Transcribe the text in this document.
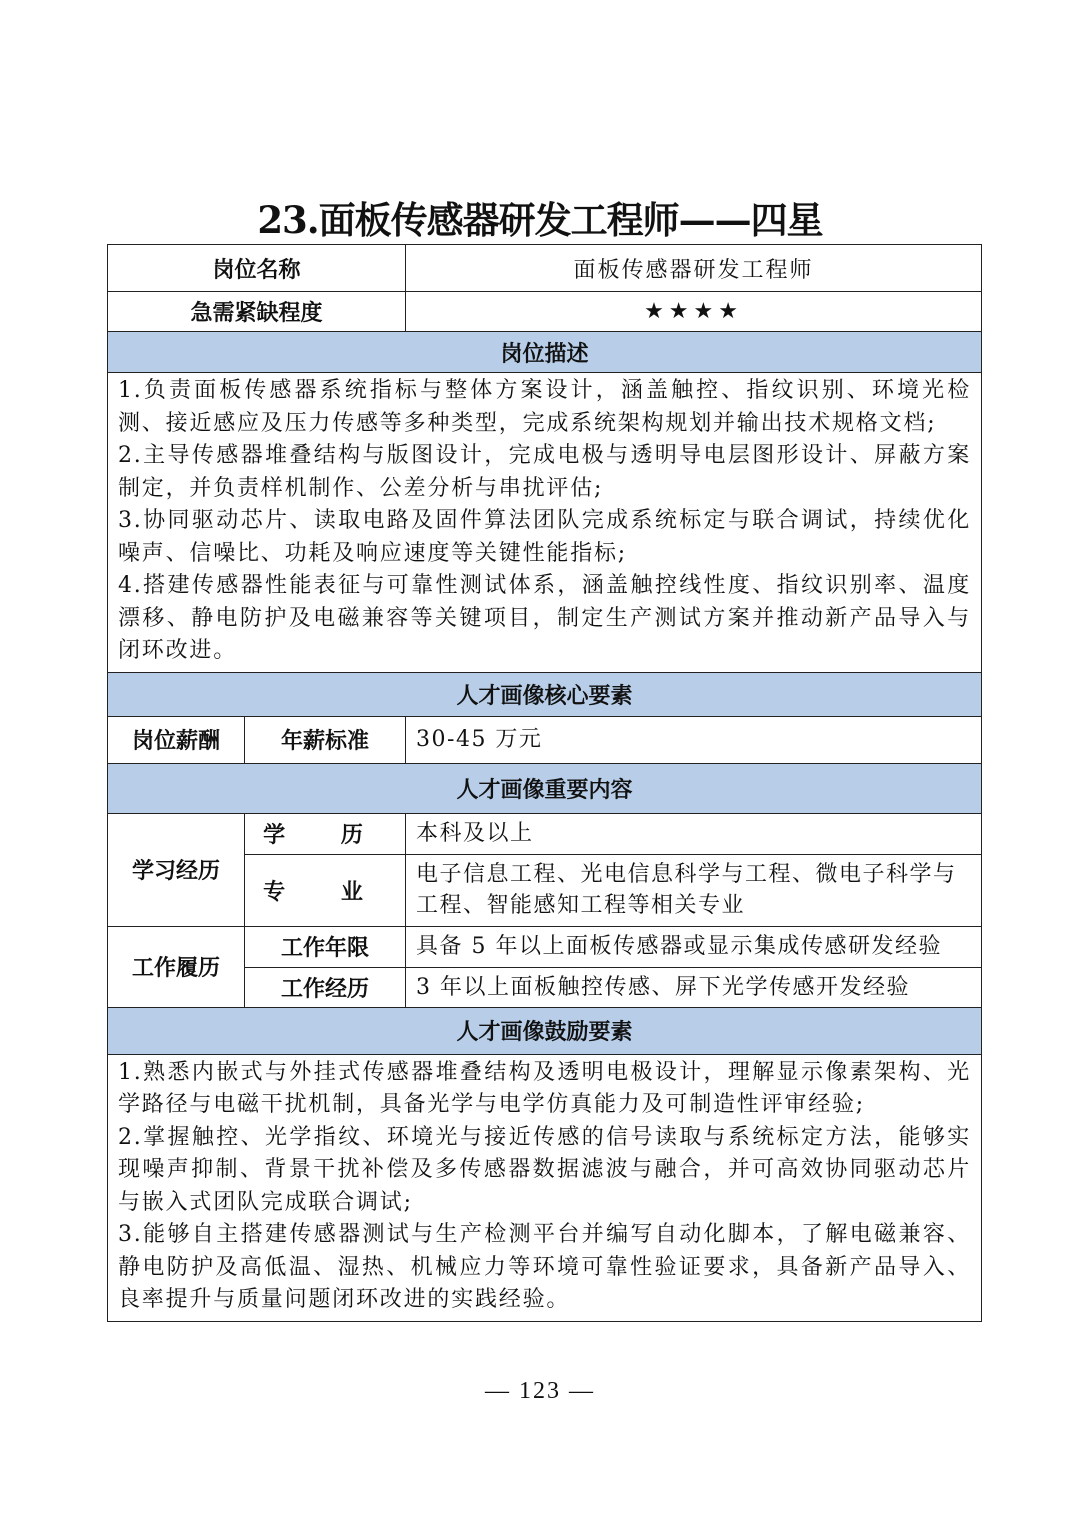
23.面板传感器研发工程师——四星
岗位名称		面板传感器研发工程师
急需紧缺程度		★★★★
岗位描述		

1.负责面板传感器系统指标与整体方案设计，涵盖触控、指纹识别、环境光检测、接近感应及压力传感等多种类型，完成系统架构规划并输出技术规格文档;

2.主导传感器堆叠结构与版图设计，完成电极与透明导电层图形设计、屏蔽方案制定，并负责样机制作、公差分析与串扰评估;

3.协同驱动芯片、读取电路及固件算法团队完成系统标定与联合调试，持续优化噪声、信噪比、功耗及响应速度等关键性能指标;

4.搭建传感器性能表征与可靠性测试体系，涵盖触控线性度、指纹识别率、温度漂移、静电防护及电磁兼容等关键项目，制定生产测试方案并推动新产品导入与闭环改进。		

人才画像核心要素		
岗位薪酬	年薪标准	30-45 万元
人才画像重要内容		
学习经历	学 历	本科及以上
	专 业	电子信息工程、光电信息科学与工程、微电子科学与工程、智能感知工程等相关专业
工作履历	工作年限	具备 5 年以上面板传感器或显示集成传感研发经验
	工作经历	3 年以上面板触控传感、屏下光学传感开发经验
人才画像鼓励要素		

1.熟悉内嵌式与外挂式传感器堆叠结构及透明电极设计，理解显示像素架构、光学路径与电磁干扰机制，具备光学与电学仿真能力及可制造性评审经验;

2.掌握触控、光学指纹、环境光与接近传感的信号读取与系统标定方法，能够实现噪声抑制、背景干扰补偿及多传感器数据滤波与融合，并可高效协同驱动芯片与嵌入式团队完成联合调试;

3.能够自主搭建传感器测试与生产检测平台并编写自动化脚本，了解电磁兼容、静电防护及高低温、湿热、机械应力等环境可靠性验证要求，具备新产品导入、良率提升与质量问题闭环改进的实践经验。		

— 123 —
